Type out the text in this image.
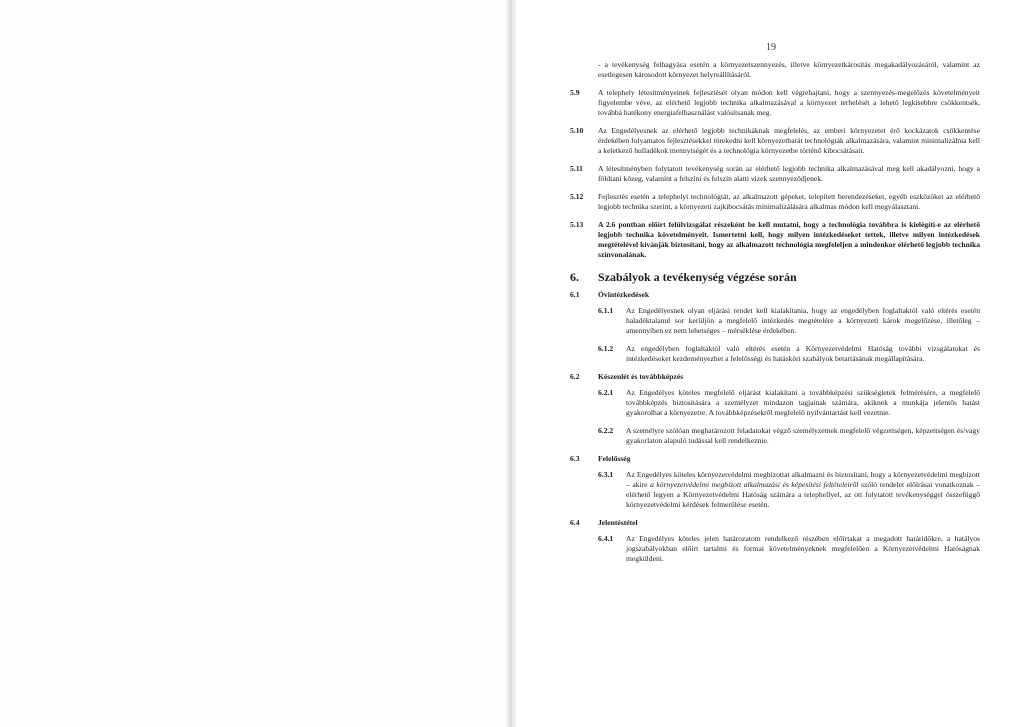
19
- a tevékenység felhagyása esetén a környezetszennyezés, illetve környezetkárosítás megakadályozásáról, valamint az esetlegesen károsodott környezet helyreállításáról.
5.9	A telephely létesítményeinek fejlesztését olyan módon kell végrehajtani, hogy a szennyezés-megelőzés követelményeit figyelembe véve, az elérhető legjobb technika alkalmazásával a környezet terhelését a lehető legkisebbre csökkentsék, továbbá hatékony energiafelhasználást valósítsanak meg.
5.10	Az Engedélyesnek az elérhető legjobb technikáknak megfelelés, az emberi környezetet érő kockázatok csökkentése érdekében folyamatos fejlesztésekkel törekedni kell környezetbarát technológiák alkalmazására, valamint minimalizálnia kell a keletkező hulladékok mennyiségét és a technológia környezetbe történő kibocsátásait.
5.11	A létesítményben folytatott tevékenység során az elérhető legjobb technika alkalmazásával meg kell akadályozni, hogy a földtani közeg, valamint a felszíni és felszín alatti vizek szennyeződjenek.
5.12	Fejlesztés esetén a telephelyi technológiát, az alkalmazott gépeket, telepített berendezéseket, egyéb eszközöket az elérhető legjobb technika szerint, a környezeti zajkibocsátás minimalizálására alkalmas módon kell megválasztani.
5.13	A 2.6 pontban előírt felülvizsgálat részeként be kell mutatni, hogy a technológia továbbra is kielégíti-e az elérhető legjobb technika követelményeit. Ismertetni kell, hogy milyen intézkedéseket tettek, illetve milyen intézkedések megtételével kívánják biztosítani, hogy az alkalmazott technológia megfeleljen a mindenkor elérhető legjobb technika színvonalának.
6.	Szabályok a tevékenység végzése során
6.1	Óvintézkedések
6.1.1	Az Engedélyesnek olyan eljárási rendet kell kialakítania, hogy az engedélyben foglaltaktól való eltérés esetén haladéktalanul sor kerüljön a megfelelő intézkedés megtételére a környezeti károk megelőzése, illetőleg – amennyiben ez nem lehetséges – mérséklése érdekében.
6.1.2	Az engedélyben foglaltaktól való eltérés esetén a Környezetvédelmi Hatóság további vizsgálatokat és intézkedéseket kezdeményezhet a felelősségi és hatásköri szabályok betartásának megállapítására.
6.2	Készenlét és továbbképzés
6.2.1	Az Engedélyes köteles megfelelő eljárást kialakítani a továbbképzési szükségletek felmérésére, a megfelelő továbbképzés biztosítására a személyzet mindazon tagjainak számára, akiknek a munkája jelentős hatást gyakorolhat a környezetre. A továbbképzésekről megfelelő nyilvántartást kell vezetnie.
6.2.2	A személyre szólóan meghatározott feladatokat végző személyzetnek megfelelő végzettségen, képzettségen és/vagy gyakorlaton alapuló tudással kell rendelkeznie.
6.3	Felelősség
6.3.1	Az Engedélyes köteles környezetvédelmi megbízottat alkalmazni és biztosítani, hogy a környezetvédelmi megbízott – akire a környezetvédelmi megbízott alkalmazási és képesítési feltételeiről szóló rendelet előírásai vonatkoznak – elérhető legyen a Környezetvédelmi Hatóság számára a telephellyel, az ott folytatott tevékenységgel összefüggő környezetvédelmi kérdések felmerülése esetén.
6.4	Jelentéstétel
6.4.1	Az Engedélyes köteles jelen határozatom rendelkező részében előírtakat a megadott határidőkre, a hatályos jogszabályokban előírt tartalmi és formai követelményeknek megfelelően a Környezetvédelmi Hatóságnak megküldeni.
